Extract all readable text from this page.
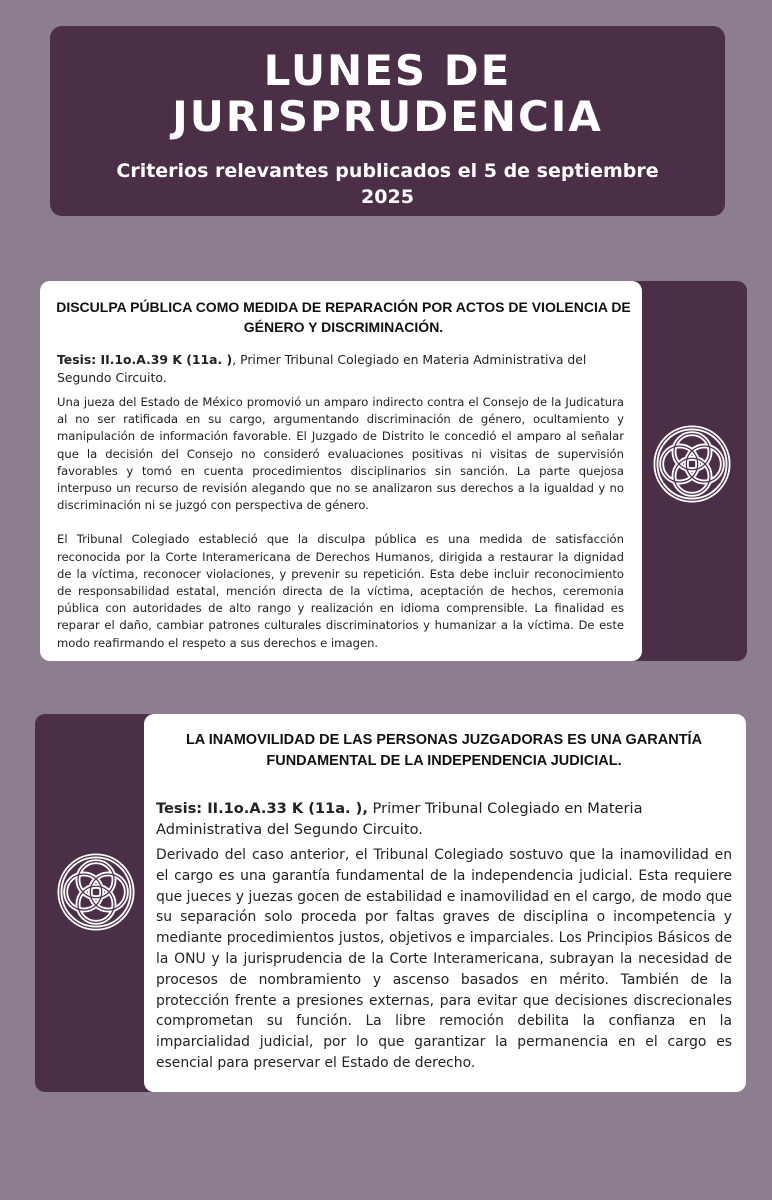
LUNES DE JURISPRUDENCIA

Criterios relevantes publicados el 5 de septiembre 2025

DISCULPA PÚBLICA COMO MEDIDA DE REPARACIÓN POR ACTOS DE VIOLENCIA DE GÉNERO Y DISCRIMINACIÓN.

Tesis: II.1o.A.39 K (11a. ), Primer Tribunal Colegiado en Materia Administrativa del Segundo Circuito.

Una jueza del Estado de México promovió un amparo indirecto contra el Consejo de la Judicatura al no ser ratificada en su cargo, argumentando discriminación de género, ocultamiento y manipulación de información favorable. El Juzgado de Distrito le concedió el amparo al señalar que la decisión del Consejo no consideró evaluaciones positivas ni visitas de supervisión favorables y tomó en cuenta procedimientos disciplinarios sin sanción. La parte quejosa interpuso un recurso de revisión alegando que no se analizaron sus derechos a la igualdad y no discriminación ni se juzgó con perspectiva de género.

El Tribunal Colegiado estableció que la disculpa pública es una medida de satisfacción reconocida por la Corte Interamericana de Derechos Humanos, dirigida a restaurar la dignidad de la víctima, reconocer violaciones, y prevenir su repetición. Esta debe incluir reconocimiento de responsabilidad estatal, mención directa de la víctima, aceptación de hechos, ceremonia pública con autoridades de alto rango y realización en idioma comprensible. La finalidad es reparar el daño, cambiar patrones culturales discriminatorios y humanizar a la víctima. De este modo reafirmando el respeto a sus derechos e imagen.

LA INAMOVILIDAD DE LAS PERSONAS JUZGADORAS ES UNA GARANTÍA FUNDAMENTAL DE LA INDEPENDENCIA JUDICIAL.

Tesis: II.1o.A.33 K (11a. ), Primer Tribunal Colegiado en Materia Administrativa del Segundo Circuito.

Derivado del caso anterior, el Tribunal Colegiado sostuvo que la inamovilidad en el cargo es una garantía fundamental de la independencia judicial. Esta requiere que jueces y juezas gocen de estabilidad e inamovilidad en el cargo, de modo que su separación solo proceda por faltas graves de disciplina o incompetencia y mediante procedimientos justos, objetivos e imparciales. Los Principios Básicos de la ONU y la jurisprudencia de la Corte Interamericana, subrayan la necesidad de procesos de nombramiento y ascenso basados en mérito. También de la protección frente a presiones externas, para evitar que decisiones discrecionales comprometan su función. La libre remoción debilita la confianza en la imparcialidad judicial, por lo que garantizar la permanencia en el cargo es esencial para preservar el Estado de derecho.
